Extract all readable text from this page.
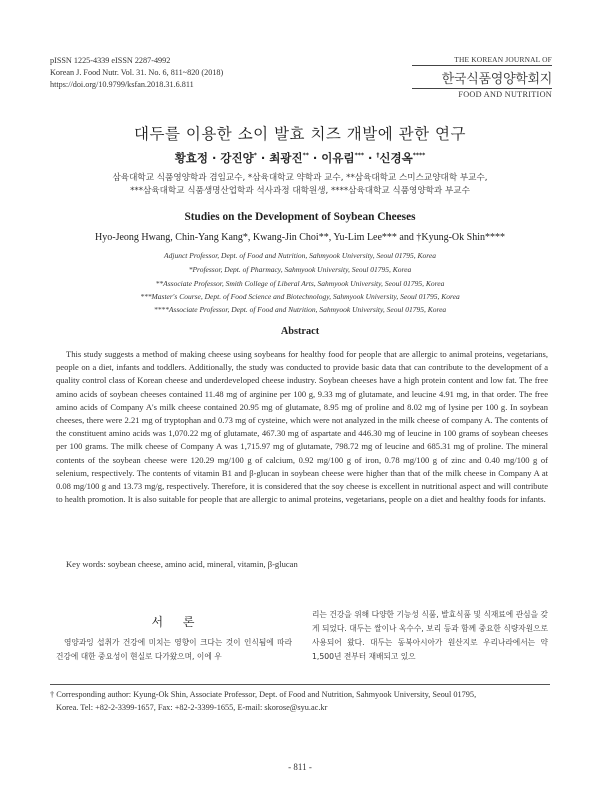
pISSN 1225-4339 eISSN 2287-4992
Korean J. Food Nutr. Vol. 31. No. 6, 811~820 (2018)
https://doi.org/10.9799/ksfan.2018.31.6.811
THE KOREAN JOURNAL OF
한국식품영양학회지
FOOD AND NUTRITION
대두를 이용한 소이 발효 치즈 개발에 관한 연구
황효정 · 강진양* · 최광진** · 이유림*** · †신경옥****
삼육대학교 식품영양학과 겸임교수, *삼육대학교 약학과 교수, **삼육대학교 스미스교양대학 부교수,
***삼육대학교 식품생명산업학과 석사과정 대학원생, ****삼육대학교 식품영양학과 부교수
Studies on the Development of Soybean Cheeses
Hyo-Jeong Hwang, Chin-Yang Kang*, Kwang-Jin Choi**, Yu-Lim Lee*** and †Kyung-Ok Shin****
Adjunct Professor, Dept. of Food and Nutrition, Sahmyook University, Seoul 01795, Korea
*Professor, Dept. of Pharmacy, Sahmyook University, Seoul 01795, Korea
**Associate Professor, Smith College of Liberal Arts, Sahmyook University, Seoul 01795, Korea
***Master's Course, Dept. of Food Science and Biotechnology, Sahmyook University, Seoul 01795, Korea
****Associate Professor, Dept. of Food and Nutrition, Sahmyook University, Seoul 01795, Korea
Abstract
This study suggests a method of making cheese using soybeans for healthy food for people that are allergic to animal proteins, vegetarians, people on a diet, infants and toddlers. Additionally, the study was conducted to provide basic data that can contribute to the development of a quality control class of Korean cheese and underdeveloped cheese industry. Soybean cheeses have a high protein content and low fat. The free amino acids of soybean cheeses contained 11.48 mg of arginine per 100 g, 9.33 mg of glutamate, and leucine 4.91 mg, in that order. The free amino acids of Company A's milk cheese contained 20.95 mg of glutamate, 8.95 mg of proline and 8.02 mg of lysine per 100 g. In soybean cheeses, there were 2.21 mg of tryptophan and 0.73 mg of cysteine, which were not analyzed in the milk cheese of company A. The contents of the constituent amino acids was 1,070.22 mg of glutamate, 467.30 mg of aspartate and 446.30 mg of leucine in 100 grams of soybean cheeses per 100 grams. The milk cheese of Company A was 1,715.97 mg of glutamate, 798.72 mg of leucine and 685.31 mg of proline. The mineral contents of the soybean cheese were 120.29 mg/100 g of calcium, 0.92 mg/100 g of iron, 0.78 mg/100 g of zinc and 0.40 mg/100 g of selenium, respectively. The contents of vitamin B1 and β-glucan in soybean cheese were higher than that of the milk cheese in Company A at 0.08 mg/100 g and 13.73 mg/g, respectively. Therefore, it is considered that the soy cheese is excellent in nutritional aspect and will contribute to health promotion. It is also suitable for people that are allergic to animal proteins, vegetarians, people on a diet and healthy foods for infants.
Key words: soybean cheese, amino acid, mineral, vitamin, β-glucan
서 론
영양과잉 섭취가 건강에 미치는 영향이 크다는 것이 인식됨에 따라 건강에 대한 중요성이 현실로 다가왔으며, 이에 우
리는 건강을 위해 다양한 기능성 식품, 발효식품 및 식재료에 관심을 갖게 되었다. 대두는 쌀이나 옥수수, 보리 등과 함께 중요한 식량자원으로 사용되어 왔다. 대두는 동북아시아가 원산지로 우리나라에서는 약 1,500년 전부터 재배되고 있으
† Corresponding author: Kyung-Ok Shin, Associate Professor, Dept. of Food and Nutrition, Sahmyook University, Seoul 01795,
Korea. Tel: +82-2-3399-1657, Fax: +82-2-3399-1655, E-mail: skorose@syu.ac.kr
- 811 -
